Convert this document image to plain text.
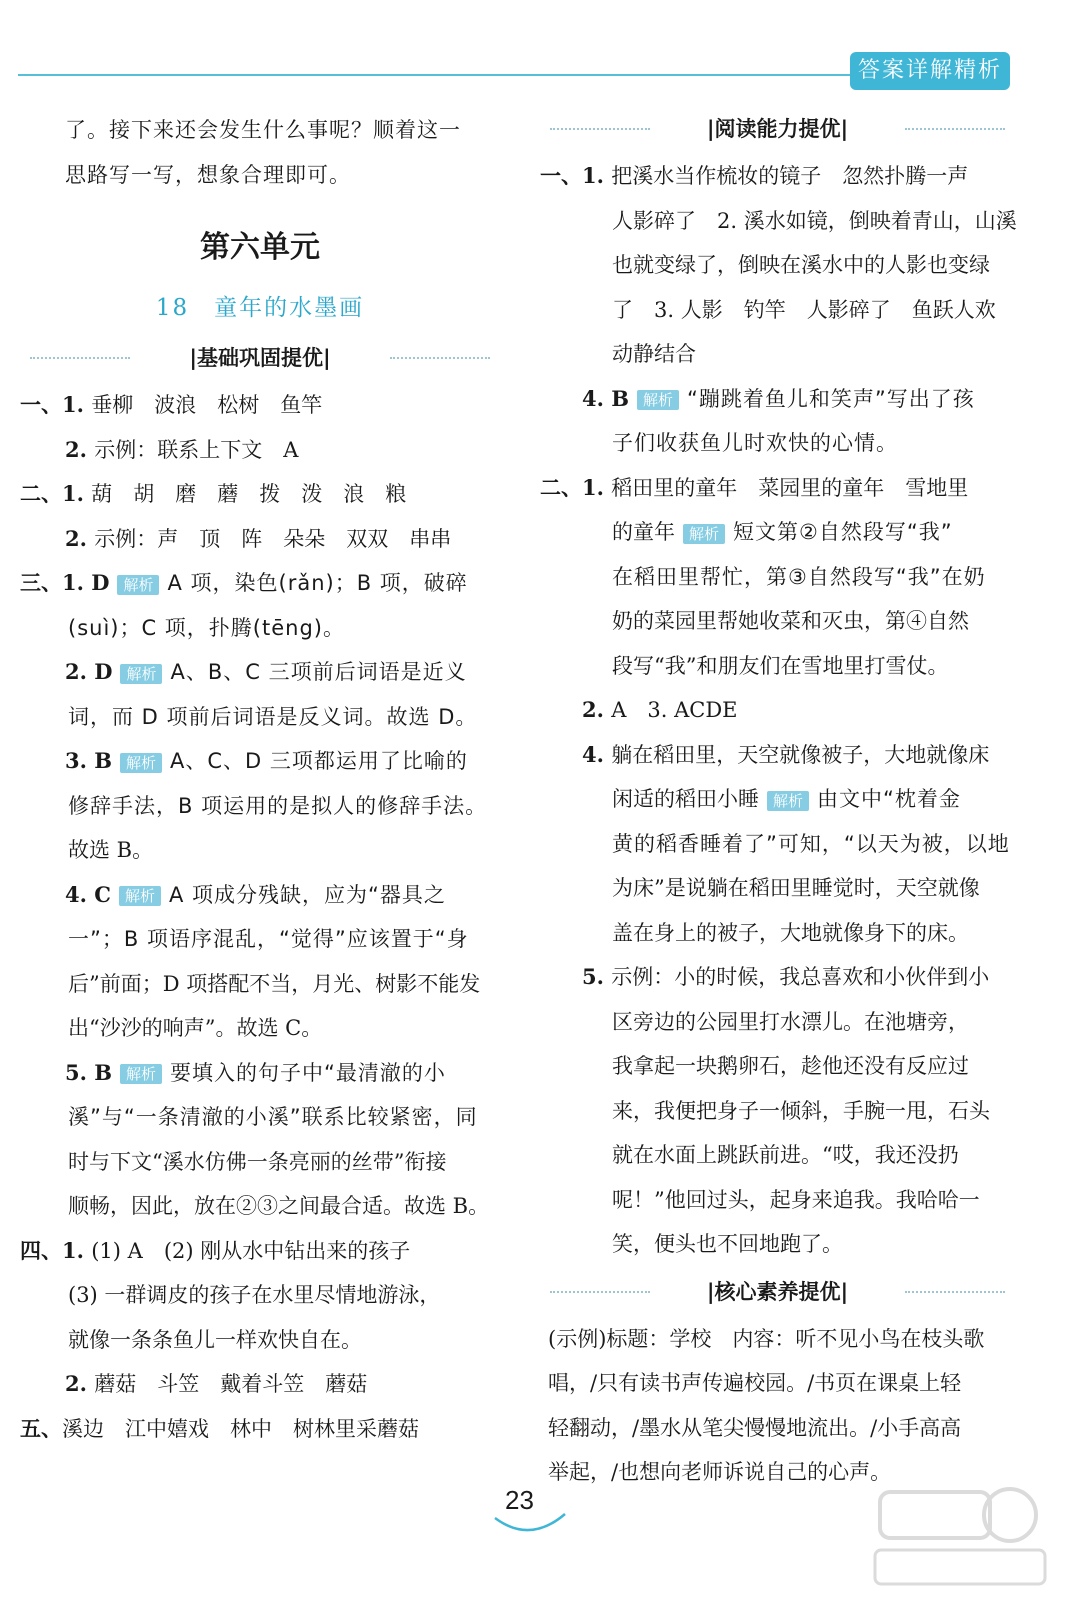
答案详解精析
了。接下来还会发生什么事呢？顺着这一
思路写一写，想象合理即可。
第六单元
18　童年的水墨画
|基础巩固提优|
一、1. 垂柳　波浪　松树　鱼竿
2. 示例：联系上下文　A
二、1. 葫　胡　磨　蘑　拨　泼　浪　粮
2. 示例：声　顶　阵　朵朵　双双　串串
三、1. D 解析 A 项，染色(rǎn)；B 项，破碎
(suì)；C 项，扑腾(tēng)。
2. D 解析 A、B、C 三项前后词语是近义
词，而 D 项前后词语是反义词。故选 D。
3. B 解析 A、C、D 三项都运用了比喻的
修辞手法，B 项运用的是拟人的修辞手法。
故选 B。
4. C 解析 A 项成分残缺，应为“器具之
一”；B 项语序混乱，“觉得”应该置于“身
后”前面；D 项搭配不当，月光、树影不能发
出“沙沙的响声”。故选 C。
5. B 解析 要填入的句子中“最清澈的小
溪”与“一条清澈的小溪”联系比较紧密，同
时与下文“溪水仿佛一条亮丽的丝带”衔接
顺畅，因此，放在②③之间最合适。故选 B。
四、1. (1) A　(2) 刚从水中钻出来的孩子
(3) 一群调皮的孩子在水里尽情地游泳，
就像一条条鱼儿一样欢快自在。
2. 蘑菇　斗笠　戴着斗笠　蘑菇
五、溪边　江中嬉戏　林中　树林里采蘑菇
|阅读能力提优|
一、1. 把溪水当作梳妆的镜子　忽然扑腾一声
人影碎了　2. 溪水如镜，倒映着青山，山溪
也就变绿了，倒映在溪水中的人影也变绿
了　3. 人影　钓竿　人影碎了　鱼跃人欢
动静结合
4. B 解析 “蹦跳着鱼儿和笑声”写出了孩
子们收获鱼儿时欢快的心情。
二、1. 稻田里的童年　菜园里的童年　雪地里
的童年 解析 短文第②自然段写“我”
在稻田里帮忙，第③自然段写“我”在奶
奶的菜园里帮她收菜和灭虫，第④自然
段写“我”和朋友们在雪地里打雪仗。
2. A　3. ACDE
4. 躺在稻田里，天空就像被子，大地就像床
闲适的稻田小睡 解析 由文中“枕着金
黄的稻香睡着了”可知，“以天为被，以地
为床”是说躺在稻田里睡觉时，天空就像
盖在身上的被子，大地就像身下的床。
5. 示例：小的时候，我总喜欢和小伙伴到小
区旁边的公园里打水漂儿。在池塘旁，
我拿起一块鹅卵石，趁他还没有反应过
来，我便把身子一倾斜，手腕一甩，石头
就在水面上跳跃前进。“哎，我还没扔
呢！”他回过头，起身来追我。我哈哈一
笑，便头也不回地跑了。
|核心素养提优|
(示例)标题：学校　内容：听不见小鸟在枝头歌
唱，/只有读书声传遍校园。/书页在课桌上轻
轻翻动，/墨水从笔尖慢慢地流出。/小手高高
举起，/也想向老师诉说自己的心声。
23
